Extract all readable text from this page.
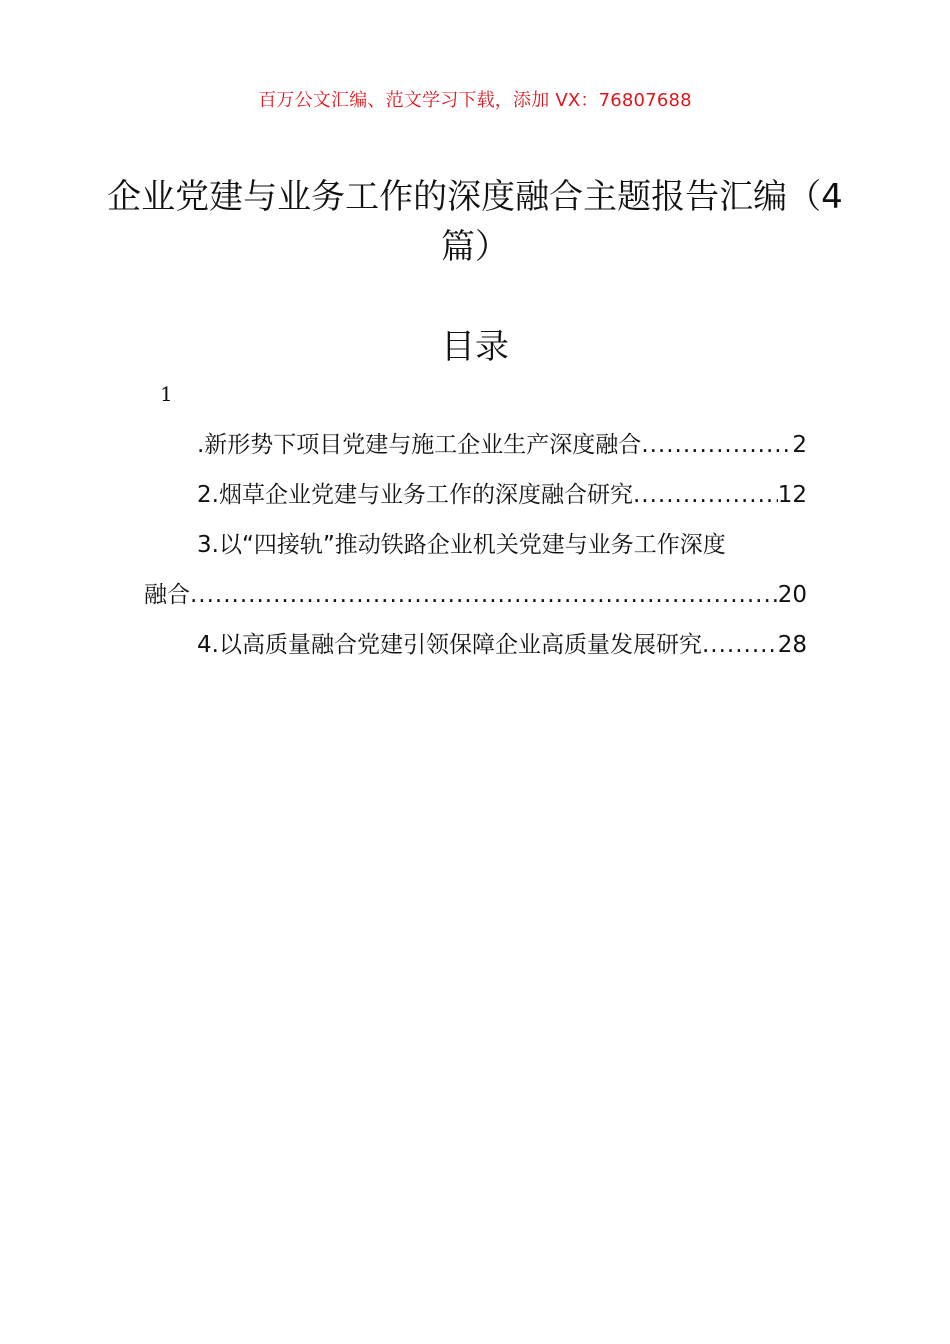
百万公文汇编、范文学习下载，添加 VX：76807688
企业党建与业务工作的深度融合主题报告汇编（4篇）
目录
1
.新形势下项目党建与施工企业生产深度融合 .....	2
2.烟草企业党建与业务工作的深度融合研究 .....	12
3.以“四接轨”推动铁路企业机关党建与业务工作深度
融合 .....	20
4.以高质量融合党建引领保障企业高质量发展研究 .....	28
